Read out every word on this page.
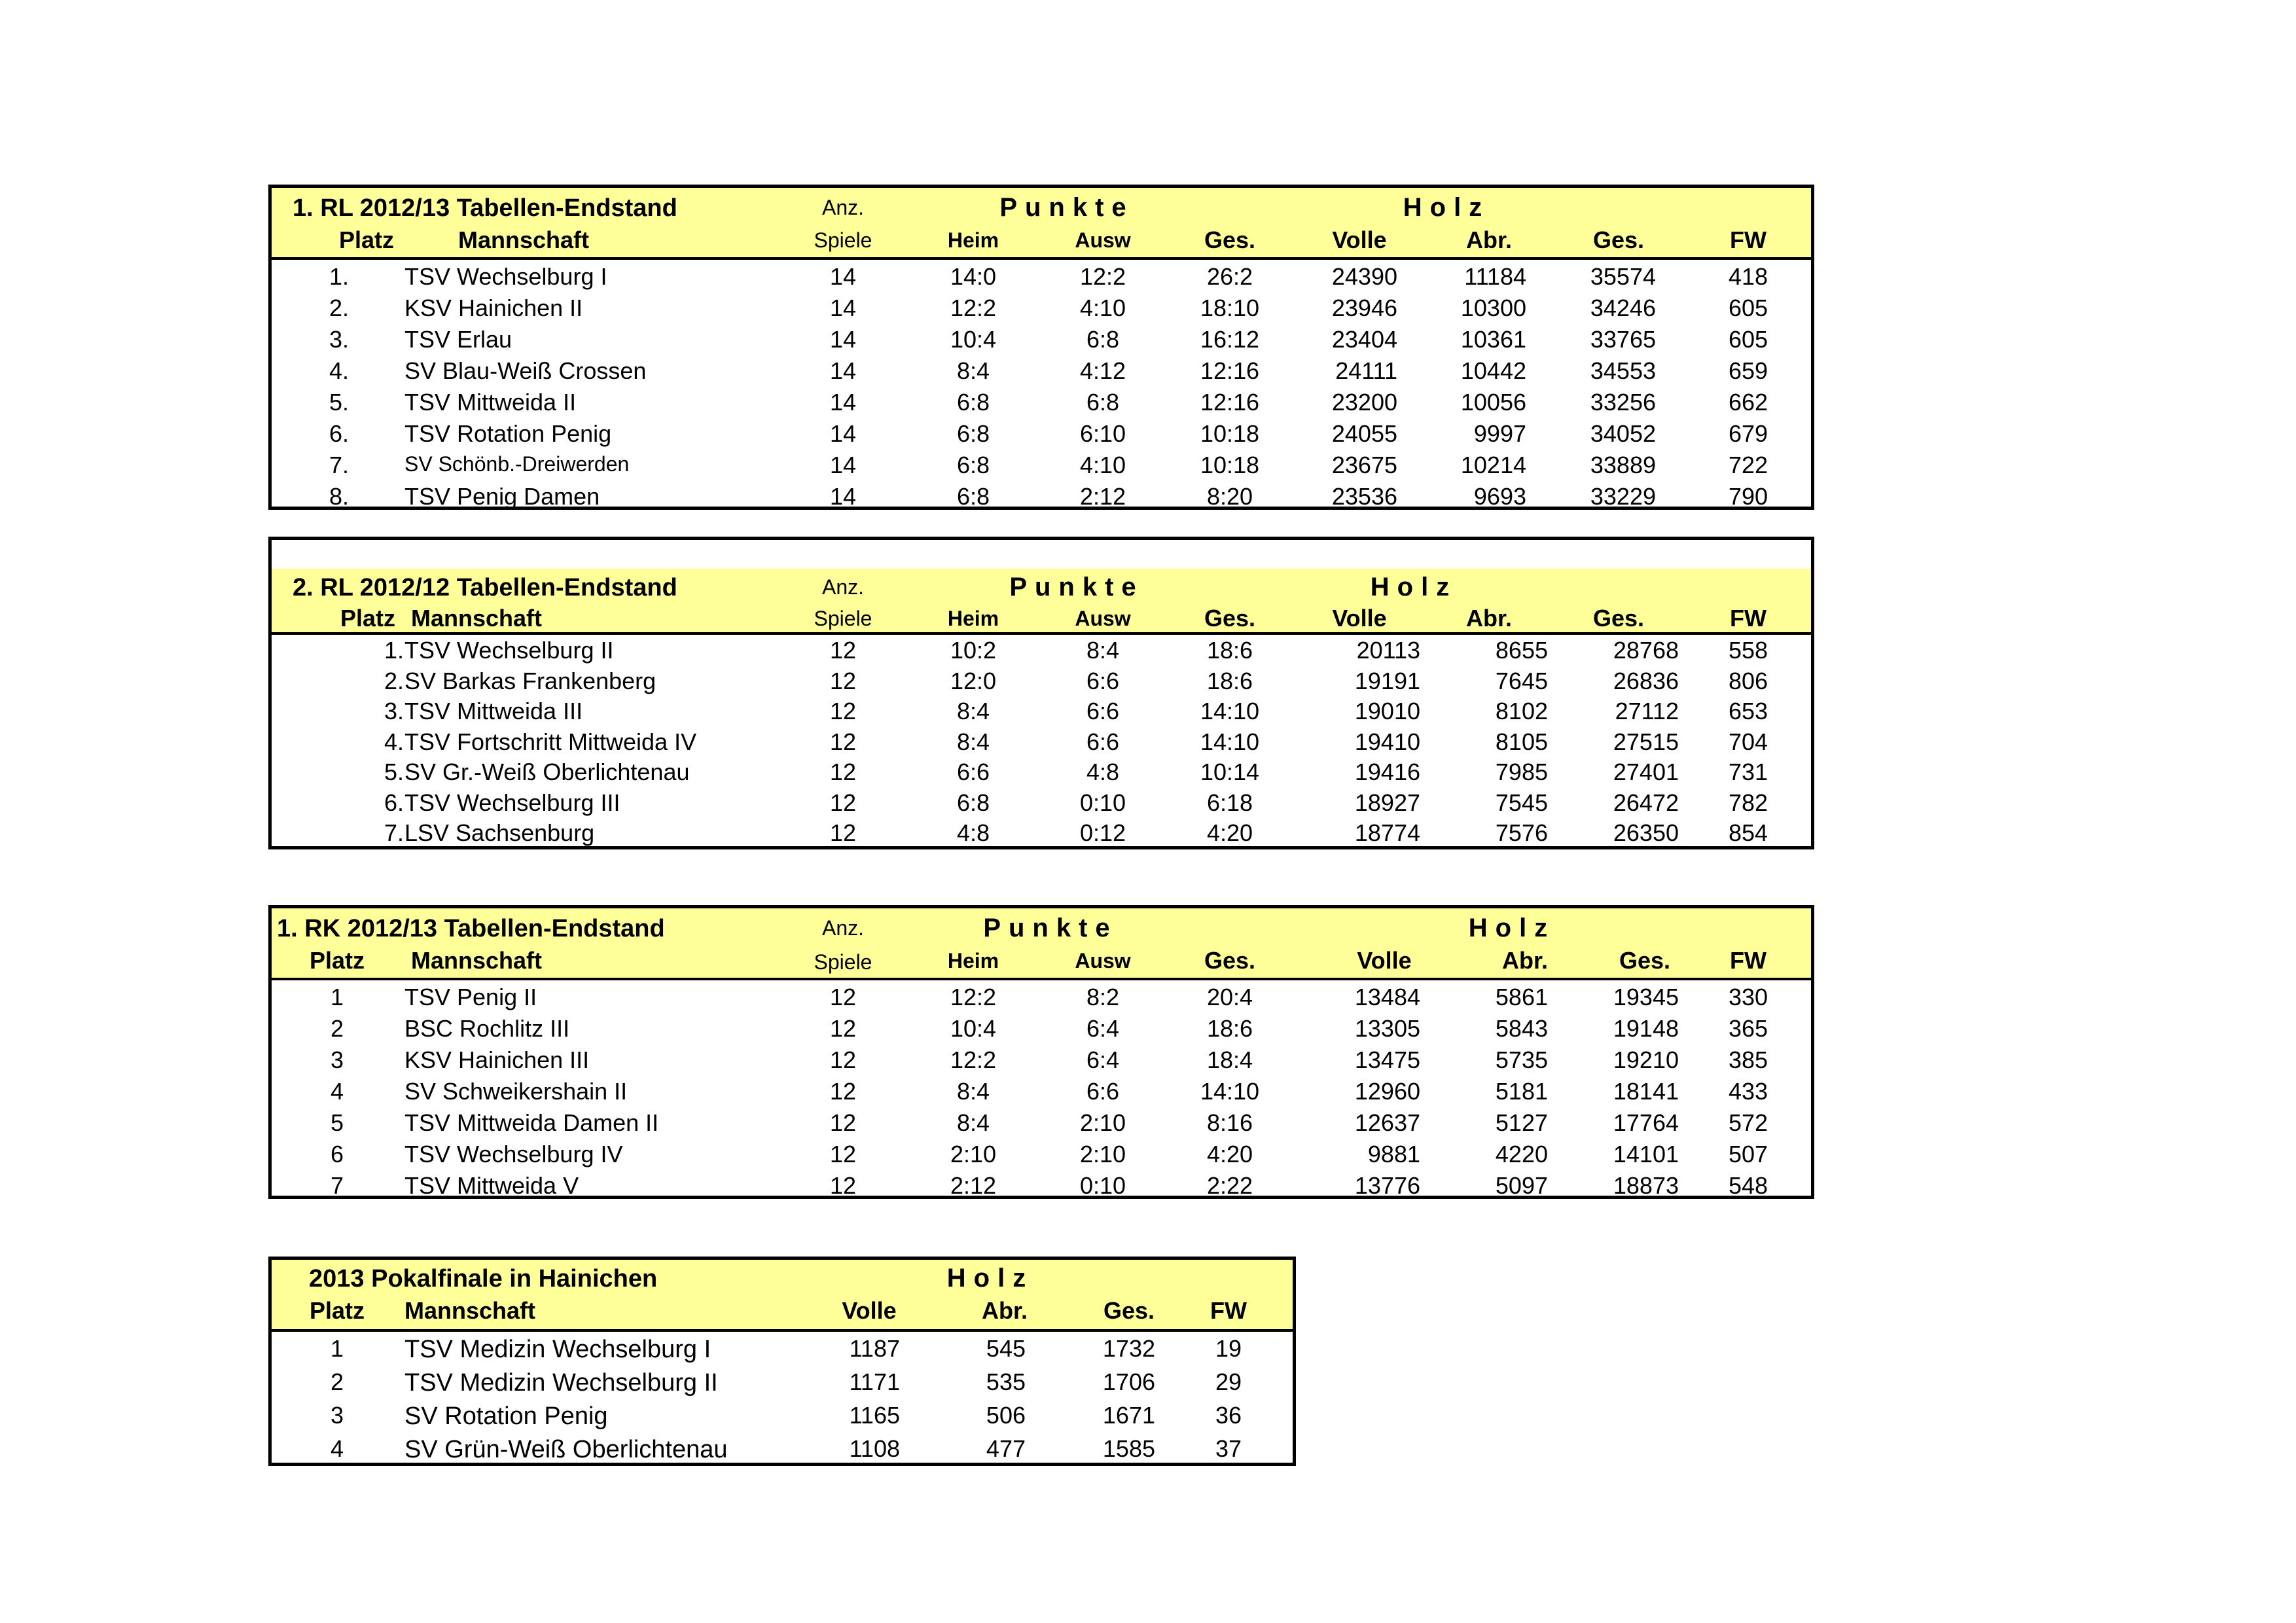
1. RL 2012/13 Tabellen-Endstand	Anz.	Punkte	Holz
Platz	Mannschaft	Spiele	Heim	Ausw	Ges.	Volle	Abr.	Ges.	FW
1. TSV Wechselburg I	14	14:0	12:2	26:2	24390	11184	35574	418
2. KSV Hainichen II	14	12:2	4:10	18:10	23946	10300	34246	605
3. TSV Erlau	14	10:4	6:8	16:12	23404	10361	33765	605
4. SV Blau-Weiß Crossen	14	8:4	4:12	12:16	24111	10442	34553	659
5. TSV Mittweida II	14	6:8	6:8	12:16	23200	10056	33256	662
6. TSV Rotation Penig	14	6:8	6:10	10:18	24055	9997	34052	679
7.	SV Schönb.-Dreiwerden	14	6:8	4:10	10:18	23675	10214	33889	722
8. TSV Penig Damen	14	6:8	2:12	8:20	23536	9693	33229	790
2. RL 2012/12 Tabellen-Endstand	Anz.	Punkte	Holz
Platz Mannschaft	Spiele	Heim	Ausw	Ges.	Volle	Abr.	Ges.	FW
1. TSV Wechselburg II	12	10:2	8:4	18:6	20113	8655	28768 558
2. SV Barkas Frankenberg	12	12:0	6:6	18:6	19191	7645	26836 806
3. TSV Mittweida III	12	8:4	6:6	14:10	19010	8102	27112 653
4. TSV Fortschritt Mittweida IV	12	8:4	6:6	14:10	19410	8105	27515 704
5. SV Gr.-Weiß Oberlichtenau	12	6:6	4:8	10:14	19416	7985	27401 731
6. TSV Wechselburg III	12	6:8	0:10	6:18	18927	7545	26472 782
7. LSV Sachsenburg	12	4:8	0:12	4:20	18774	7576	26350 854
1. RK 2012/13 Tabellen-Endstand	Anz.	Punkte	Holz
Platz Mannschaft	Spiele	Heim	Ausw	Ges.	Volle	Abr.	Ges.	FW
1	TSV Penig II	12	12:2	8:2	20:4	13484	5861	19345 330
2	BSC Rochlitz III	12	10:4	6:4	18:6	13305	5843	19148 365
3	KSV Hainichen III	12	12:2	6:4	18:4	13475	5735	19210 385
4	SV Schweikershain II	12	8:4	6:6	14:10	12960	5181	18141 433
5	TSV Mittweida Damen II	12	8:4	2:10	8:16	12637	5127	17764 572
6	TSV Wechselburg IV	12	2:10	2:10	4:20	9881	4220	14101 507
7	TSV Mittweida V	12	2:12	0:10	2:22	13776	5097	18873 548
2013 Pokalfinale in Hainichen	Holz
Platz Mannschaft	Volle	Abr.	Ges. FW
1 TSV Medizin Wechselburg I	1187	545	1732	19
2 TSV Medizin Wechselburg II	1171	535	1706	29
3 SV Rotation Penig	1165	506	1671	36
4 SV Grün-Weiß Oberlichtenau	1108	477	1585	37
